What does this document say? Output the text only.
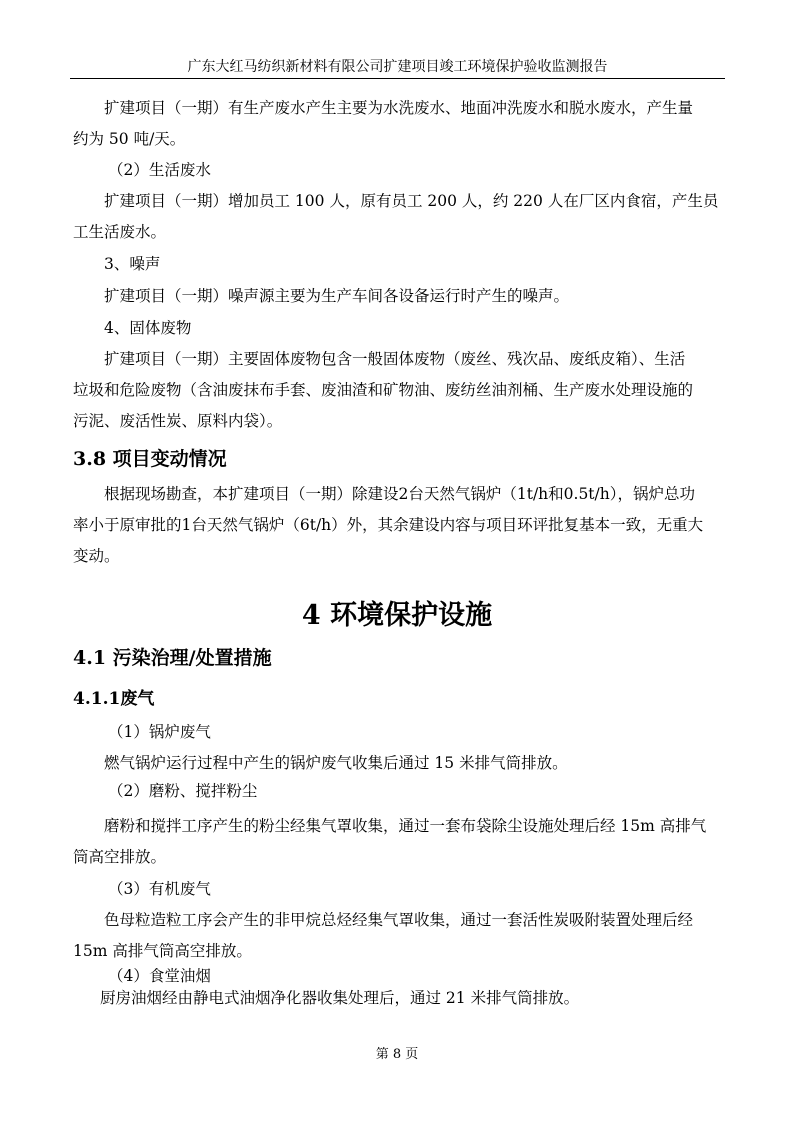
广东大红马纺织新材料有限公司扩建项目竣工环境保护验收监测报告
扩建项目（一期）有生产废水产生主要为水洗废水、地面冲洗废水和脱水废水，产生量
约为 50 吨/天。
（2）生活废水
扩建项目（一期）增加员工 100 人，原有员工 200 人，约 220 人在厂区内食宿，产生员
工生活废水。
3、噪声
扩建项目（一期）噪声源主要为生产车间各设备运行时产生的噪声。
4、固体废物
扩建项目（一期）主要固体废物包含一般固体废物（废丝、残次品、废纸皮箱）、生活
垃圾和危险废物（含油废抹布手套、废油渣和矿物油、废纺丝油剂桶、生产废水处理设施的
污泥、废活性炭、原料内袋）。
3.8 项目变动情况
根据现场勘查，本扩建项目（一期）除建设2台天然气锅炉（1t/h和0.5t/h），锅炉总功
率小于原审批的1台天然气锅炉（6t/h）外，其余建设内容与项目环评批复基本一致，无重大
变动。
4 环境保护设施
4.1 污染治理/处置措施
4.1.1废气
（1）锅炉废气
燃气锅炉运行过程中产生的锅炉废气收集后通过 15 米排气筒排放。
（2）磨粉、搅拌粉尘
磨粉和搅拌工序产生的粉尘经集气罩收集，通过一套布袋除尘设施处理后经 15m 高排气
筒高空排放。
（3）有机废气
色母粒造粒工序会产生的非甲烷总烃经集气罩收集，通过一套活性炭吸附装置处理后经
15m 高排气筒高空排放。
（4）食堂油烟
厨房油烟经由静电式油烟净化器收集处理后，通过 21 米排气筒排放。
第 8 页
